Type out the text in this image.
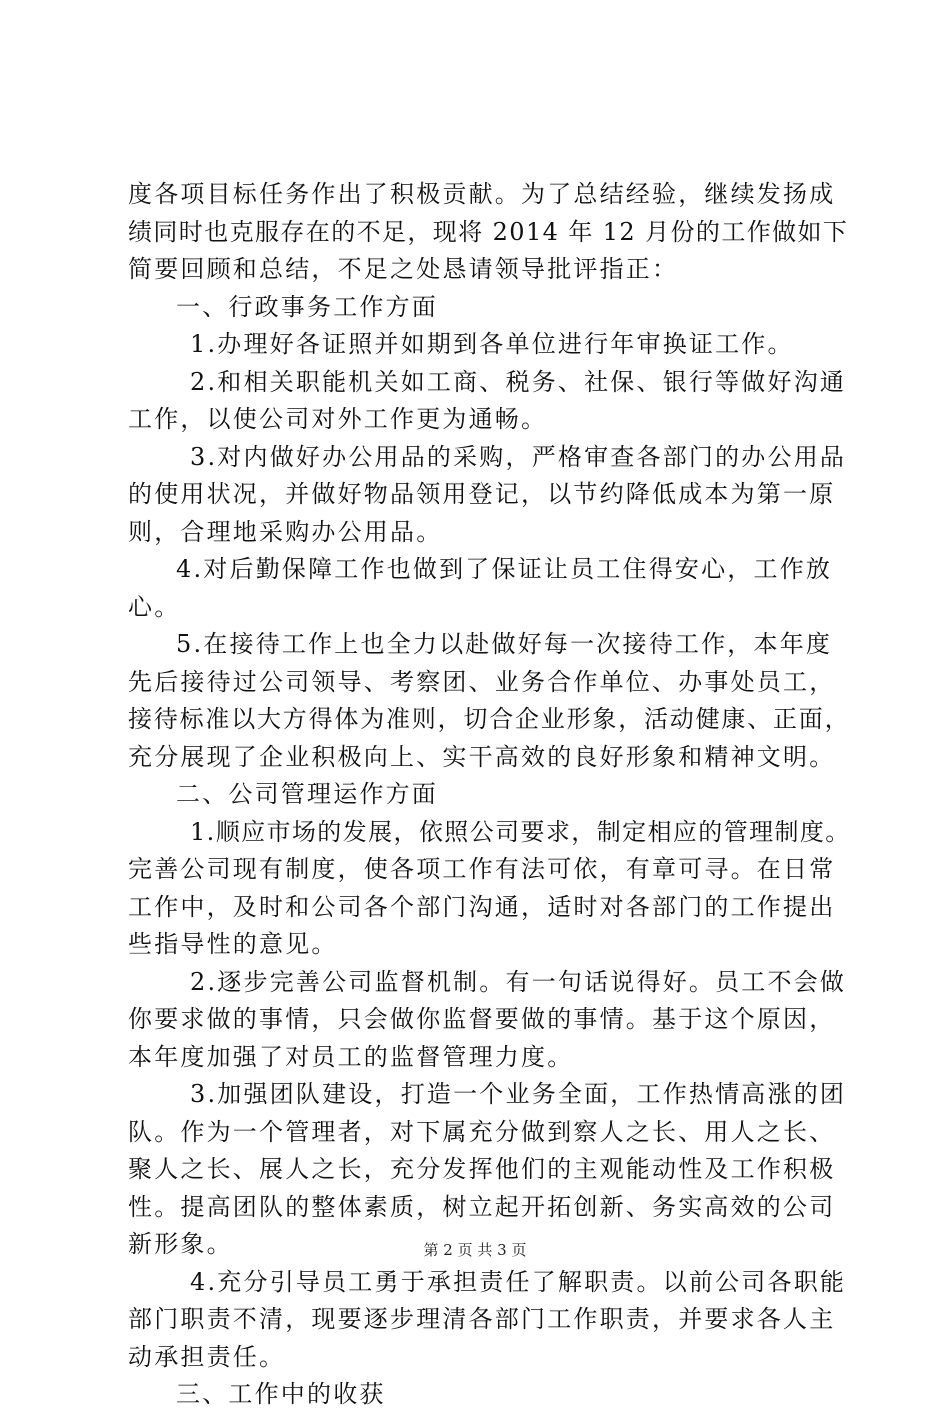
度各项目标任务作出了积极贡献。为了总结经验，继续发扬成
绩同时也克服存在的不足，现将 2014 年 12 月份的工作做如下
简要回顾和总结，不足之处恳请领导批评指正：
一、行政事务工作方面
1.办理好各证照并如期到各单位进行年审换证工作。
2.和相关职能机关如工商、税务、社保、银行等做好沟通
工作，以使公司对外工作更为通畅。
3.对内做好办公用品的采购，严格审查各部门的办公用品
的使用状况，并做好物品领用登记，以节约降低成本为第一原
则，合理地采购办公用品。
4.对后勤保障工作也做到了保证让员工住得安心，工作放
心。
5.在接待工作上也全力以赴做好每一次接待工作，本年度
先后接待过公司领导、考察团、业务合作单位、办事处员工，
接待标准以大方得体为准则，切合企业形象，活动健康、正面，
充分展现了企业积极向上、实干高效的良好形象和精神文明。
二、公司管理运作方面
1.顺应市场的发展，依照公司要求，制定相应的管理制度。
完善公司现有制度，使各项工作有法可依，有章可寻。在日常
工作中，及时和公司各个部门沟通，适时对各部门的工作提出
些指导性的意见。
2.逐步完善公司监督机制。有一句话说得好。员工不会做
你要求做的事情，只会做你监督要做的事情。基于这个原因，
本年度加强了对员工的监督管理力度。
3.加强团队建设，打造一个业务全面，工作热情高涨的团
队。作为一个管理者，对下属充分做到察人之长、用人之长、
聚人之长、展人之长，充分发挥他们的主观能动性及工作积极
性。提高团队的整体素质，树立起开拓创新、务实高效的公司
新形象。
4.充分引导员工勇于承担责任了解职责。以前公司各职能
部门职责不清，现要逐步理清各部门工作职责，并要求各人主
动承担责任。
三、工作中的收获
第 2 页 共 3 页
